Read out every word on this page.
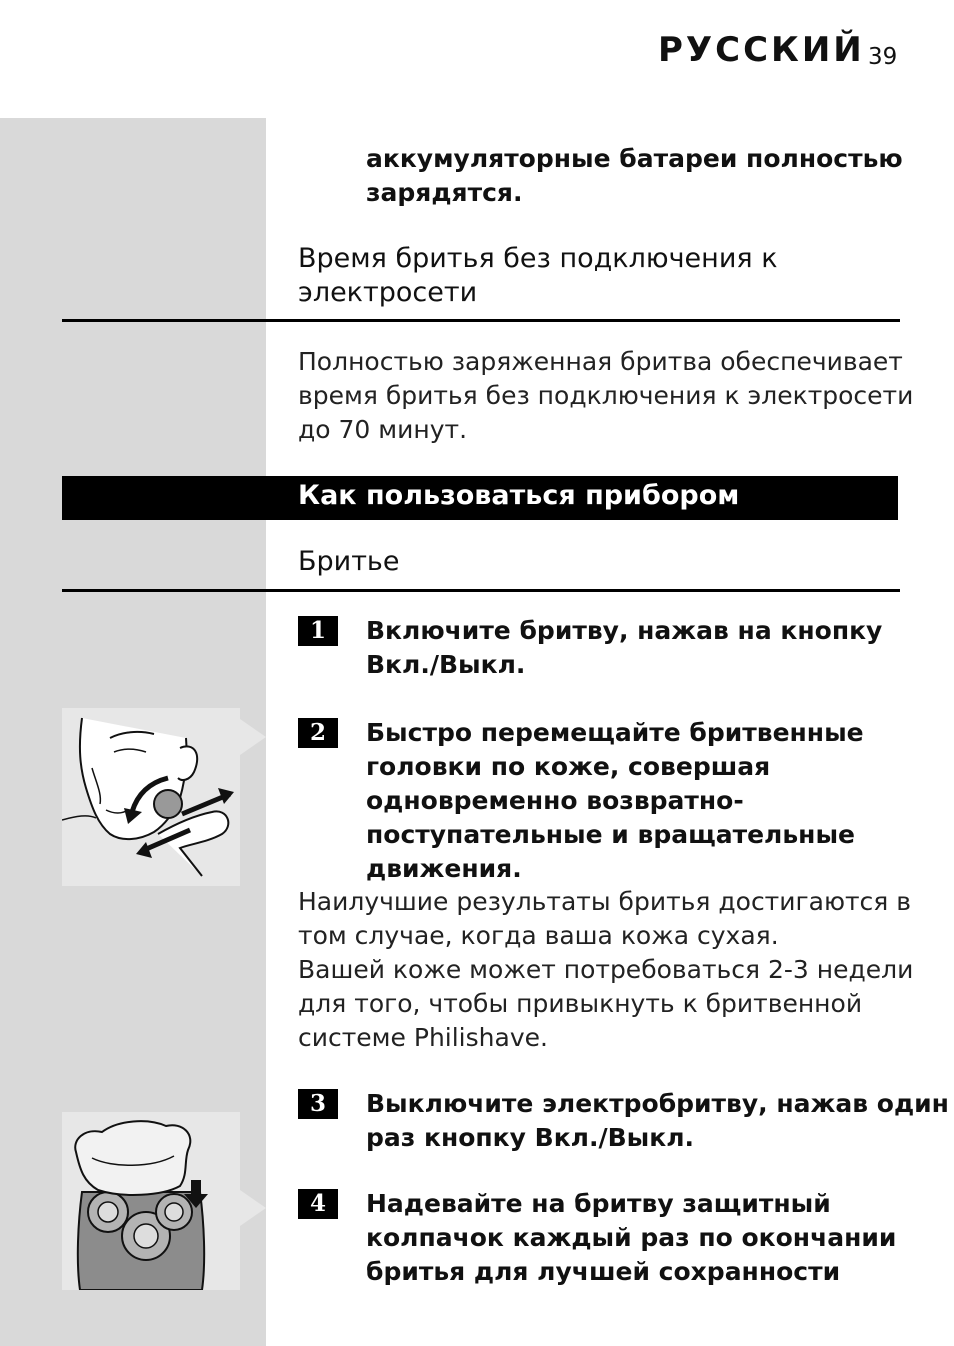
РУССКИЙ 39
аккумуляторные батареи полностью
зарядятся.
Время бритья без подключения к
электросети
Полностью заряженная бритва обеспечивает
время бритья без подключения к электросети
до 70 минут.
Как пользоваться прибором
Бритье
1	Включите бритву, нажав на кнопку
Вкл./Выкл.
2	Быстро перемещайте бритвенные
головки по коже, совершая
одновременно возвратно-
поступательные и вращательные
движения.
Наилучшие результаты бритья достигаются в
том случае, когда ваша кожа сухая.
Вашей коже может потребоваться 2-3 недели
для того, чтобы привыкнуть к бритвенной
системе Philishave.
3	Выключите электробритву, нажав один
раз кнопку Вкл./Выкл.
4	Надевайте на бритву защитный
колпачок каждый раз по окончании
бритья для лучшей сохранности
